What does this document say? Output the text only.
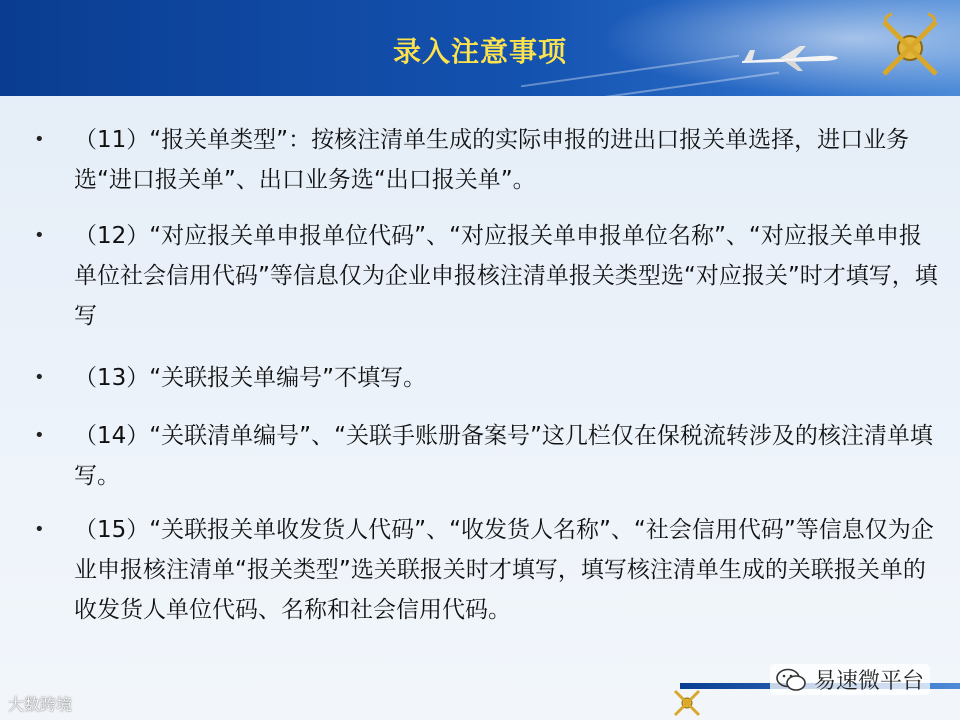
录入注意事项
•	（11）“报关单类型”：按核注清单生成的实际申报的进出口报关单选择，进口业务选“进口报关单”、出口业务选“出口报关单”。
•	（12）“对应报关单申报单位代码”、“对应报关单申报单位名称”、“对应报关单申报单位社会信用代码”等信息仅为企业申报核注清单报关类型选“对应报关”时才填写，填写
•	（13）“关联报关单编号”不填写。
•	（14）“关联清单编号”、“关联手账册备案号”这几栏仅在保税流转涉及的核注清单填写。
•	（15）“关联报关单收发货人代码”、“收发货人名称”、“社会信用代码”等信息仅为企业申报核注清单“报关类型”选关联报关时才填写，填写核注清单生成的关联报关单的收发货人单位代码、名称和社会信用代码。
大数跨境
易速微平台
